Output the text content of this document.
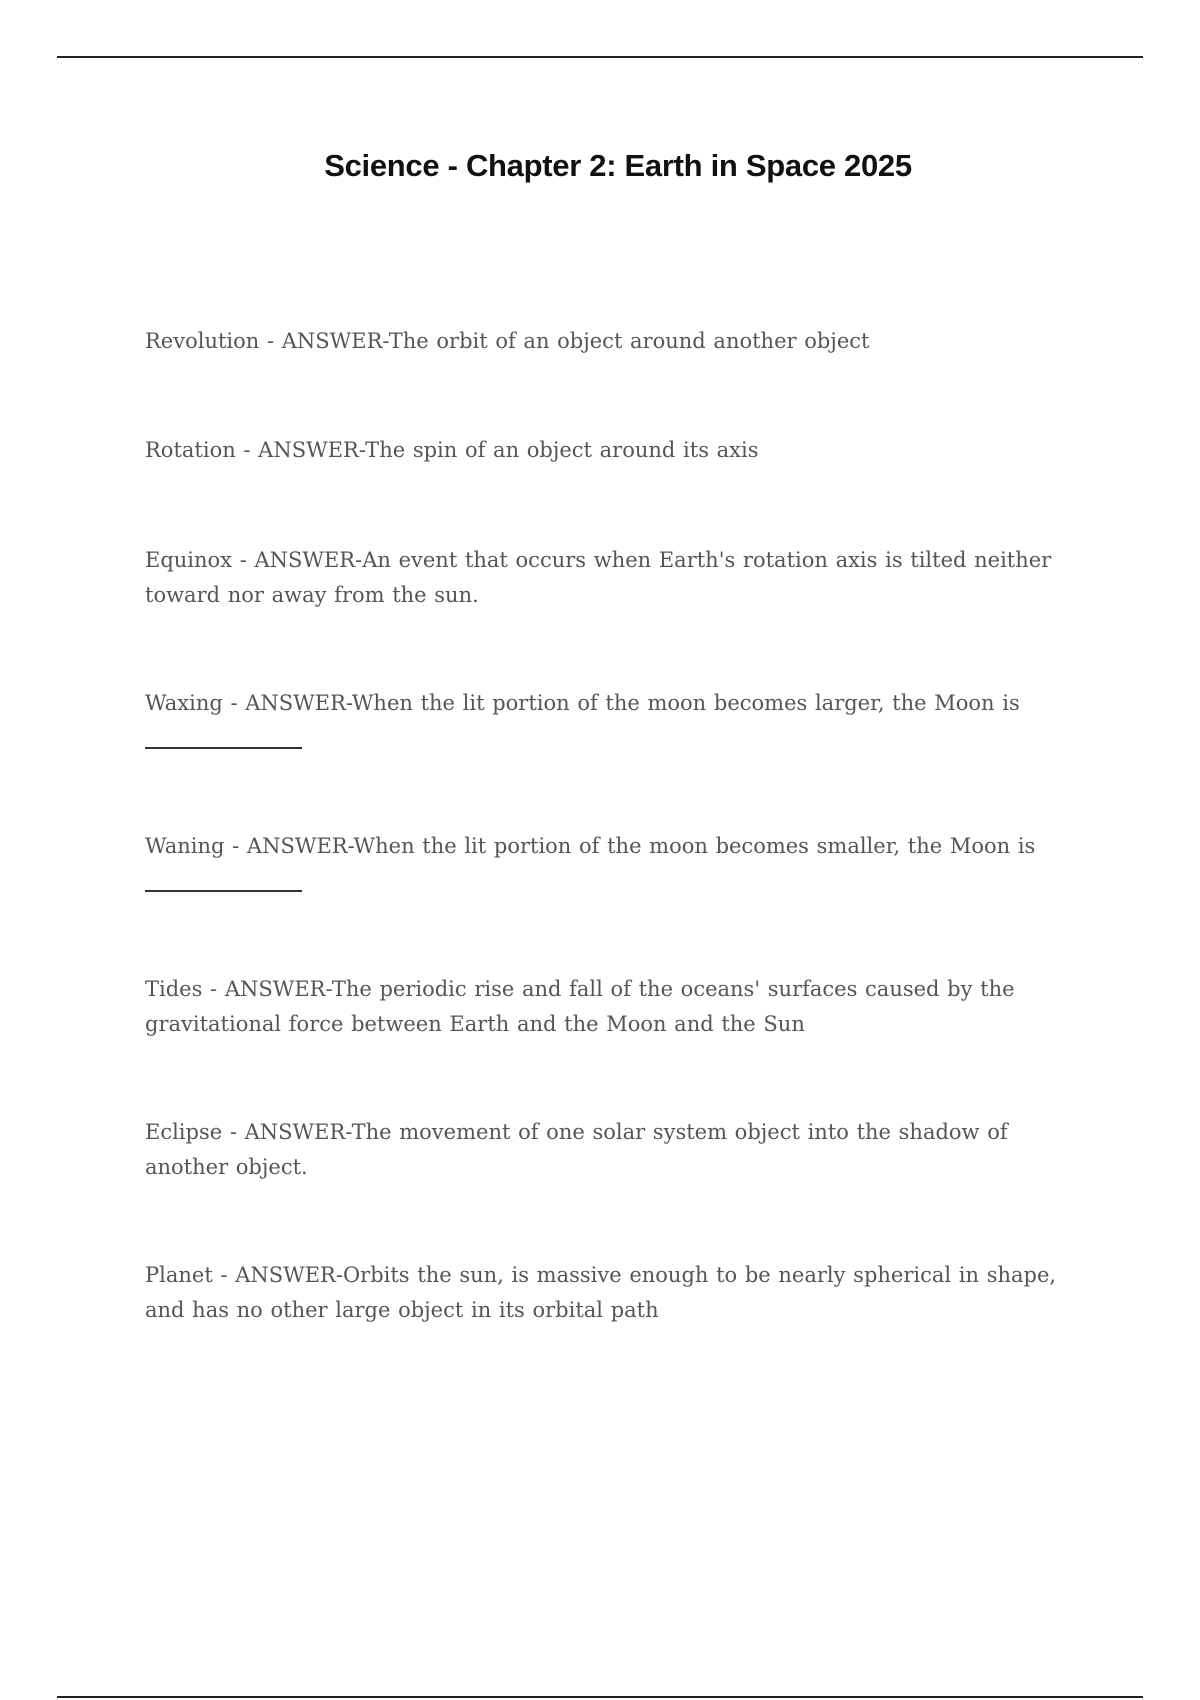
Science - Chapter 2: Earth in Space 2025
Revolution - ANSWER-The orbit of an object around another object
Rotation - ANSWER-The spin of an object around its axis
Equinox - ANSWER-An event that occurs when Earth's rotation axis is tilted neither toward nor away from the sun.
Waxing - ANSWER-When the lit portion of the moon becomes larger, the Moon is
Waning - ANSWER-When the lit portion of the moon becomes smaller, the Moon is
Tides - ANSWER-The periodic rise and fall of the oceans' surfaces caused by the gravitational force between Earth and the Moon and the Sun
Eclipse - ANSWER-The movement of one solar system object into the shadow of another object.
Planet - ANSWER-Orbits the sun, is massive enough to be nearly spherical in shape, and has no other large object in its orbital path
